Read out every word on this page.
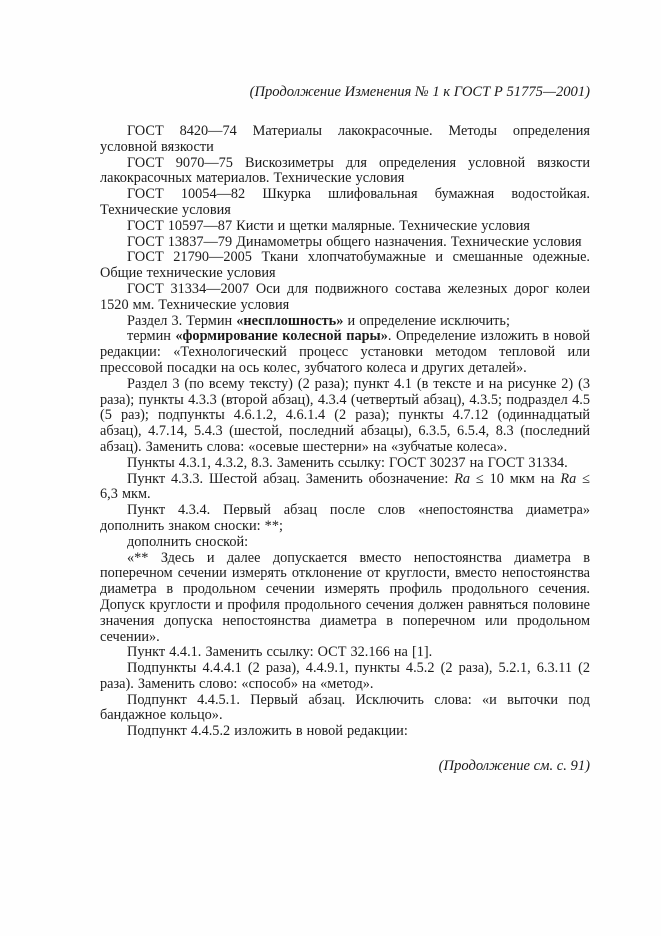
(Продолжение Изменения № 1 к ГОСТ Р 51775—2001)

ГОСТ 8420—74 Материалы лакокрасочные. Методы определения условной вязкости

ГОСТ 9070—75 Вискозиметры для определения условной вязкости лакокрасочных материалов. Технические условия

ГОСТ 10054—82 Шкурка шлифовальная бумажная водостойкая. Технические условия

ГОСТ 10597—87 Кисти и щетки малярные. Технические условия

ГОСТ 13837—79 Динамометры общего назначения. Технические условия

ГОСТ 21790—2005 Ткани хлопчатобумажные и смешанные одежные. Общие технические условия

ГОСТ 31334—2007 Оси для подвижного состава железных дорог колеи 1520 мм. Технические условия

Раздел 3. Термин «несплошность» и определение исключить;

термин «формирование колесной пары». Определение изложить в новой редакции: «Технологический процесс установки методом тепловой или прессовой посадки на ось колес, зубчатого колеса и других деталей».

Раздел 3 (по всему тексту) (2 раза); пункт 4.1 (в тексте и на рисунке 2) (3 раза); пункты 4.3.3 (второй абзац), 4.3.4 (четвертый абзац), 4.3.5; подраздел 4.5 (5 раз); подпункты 4.6.1.2, 4.6.1.4 (2 раза); пункты 4.7.12 (одиннадцатый абзац), 4.7.14, 5.4.3 (шестой, последний абзацы), 6.3.5, 6.5.4, 8.3 (последний абзац). Заменить слова: «осевые шестерни» на «зубчатые колеса».

Пункты 4.3.1, 4.3.2, 8.3. Заменить ссылку: ГОСТ 30237 на ГОСТ 31334.

Пункт 4.3.3. Шестой абзац. Заменить обозначение: Ra ≤ 10 мкм на Ra ≤ 6,3 мкм.

Пункт 4.3.4. Первый абзац после слов «непостоянства диаметра» дополнить знаком сноски: **;

дополнить сноской:

«** Здесь и далее допускается вместо непостоянства диаметра в поперечном сечении измерять отклонение от круглости, вместо непостоянства диаметра в продольном сечении измерять профиль продольного сечения. Допуск круглости и профиля продольного сечения должен равняться половине значения допуска непостоянства диаметра в поперечном или продольном сечении».

Пункт 4.4.1. Заменить ссылку: ОСТ 32.166 на [1].

Подпункты 4.4.4.1 (2 раза), 4.4.9.1, пункты 4.5.2 (2 раза), 5.2.1, 6.3.11 (2 раза). Заменить слово: «способ» на «метод».

Подпункт 4.4.5.1. Первый абзац. Исключить слова: «и выточки под бандажное кольцо».

Подпункт 4.4.5.2 изложить в новой редакции:

(Продолжение см. с. 91)
